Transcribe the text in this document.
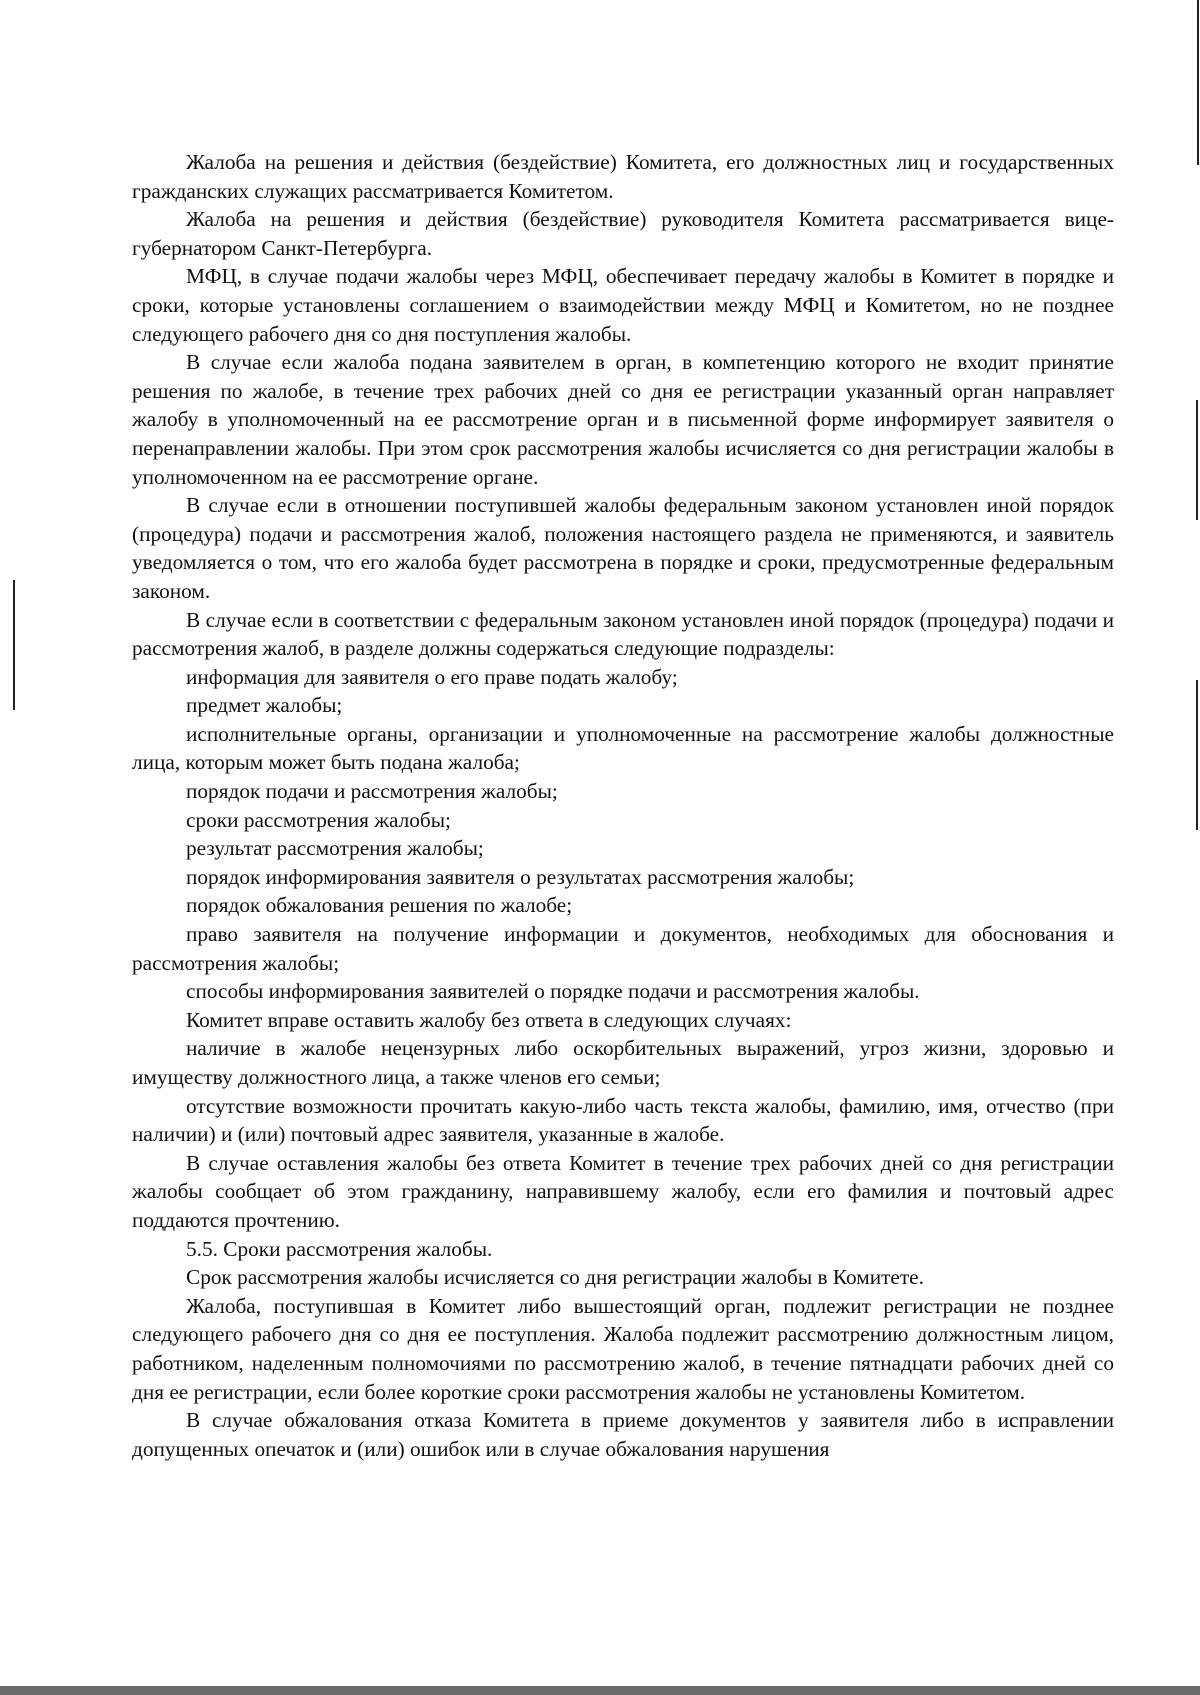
Жалоба на решения и действия (бездействие) Комитета, его должностных лиц и государственных гражданских служащих рассматривается Комитетом.

Жалоба на решения и действия (бездействие) руководителя Комитета рассматривается вице-губернатором Санкт-Петербурга.

МФЦ, в случае подачи жалобы через МФЦ, обеспечивает передачу жалобы в Комитет в порядке и сроки, которые установлены соглашением о взаимодействии между МФЦ и Комитетом, но не позднее следующего рабочего дня со дня поступления жалобы.

В случае если жалоба подана заявителем в орган, в компетенцию которого не входит принятие решения по жалобе, в течение трех рабочих дней со дня ее регистрации указанный орган направляет жалобу в уполномоченный на ее рассмотрение орган и в письменной форме информирует заявителя о перенаправлении жалобы. При этом срок рассмотрения жалобы исчисляется со дня регистрации жалобы в уполномоченном на ее рассмотрение органе.

В случае если в отношении поступившей жалобы федеральным законом установлен иной порядок (процедура) подачи и рассмотрения жалоб, положения настоящего раздела не применяются, и заявитель уведомляется о том, что его жалоба будет рассмотрена в порядке и сроки, предусмотренные федеральным законом.

В случае если в соответствии с федеральным законом установлен иной порядок (процедура) подачи и рассмотрения жалоб, в разделе должны содержаться следующие подразделы:

информация для заявителя о его праве подать жалобу;

предмет жалобы;

исполнительные органы, организации и уполномоченные на рассмотрение жалобы должностные лица, которым может быть подана жалоба;

порядок подачи и рассмотрения жалобы;

сроки рассмотрения жалобы;

результат рассмотрения жалобы;

порядок информирования заявителя о результатах рассмотрения жалобы;

порядок обжалования решения по жалобе;

право заявителя на получение информации и документов, необходимых для обоснования и рассмотрения жалобы;

способы информирования заявителей о порядке подачи и рассмотрения жалобы.

Комитет вправе оставить жалобу без ответа в следующих случаях:

наличие в жалобе нецензурных либо оскорбительных выражений, угроз жизни, здоровью и имуществу должностного лица, а также членов его семьи;

отсутствие возможности прочитать какую-либо часть текста жалобы, фамилию, имя, отчество (при наличии) и (или) почтовый адрес заявителя, указанные в жалобе.

В случае оставления жалобы без ответа Комитет в течение трех рабочих дней со дня регистрации жалобы сообщает об этом гражданину, направившему жалобу, если его фамилия и почтовый адрес поддаются прочтению.

5.5. Сроки рассмотрения жалобы.

Срок рассмотрения жалобы исчисляется со дня регистрации жалобы в Комитете.

Жалоба, поступившая в Комитет либо вышестоящий орган, подлежит регистрации не позднее следующего рабочего дня со дня ее поступления. Жалоба подлежит рассмотрению должностным лицом, работником, наделенным полномочиями по рассмотрению жалоб, в течение пятнадцати рабочих дней со дня ее регистрации, если более короткие сроки рассмотрения жалобы не установлены Комитетом.

В случае обжалования отказа Комитета в приеме документов у заявителя либо в исправлении допущенных опечаток и (или) ошибок или в случае обжалования нарушения
